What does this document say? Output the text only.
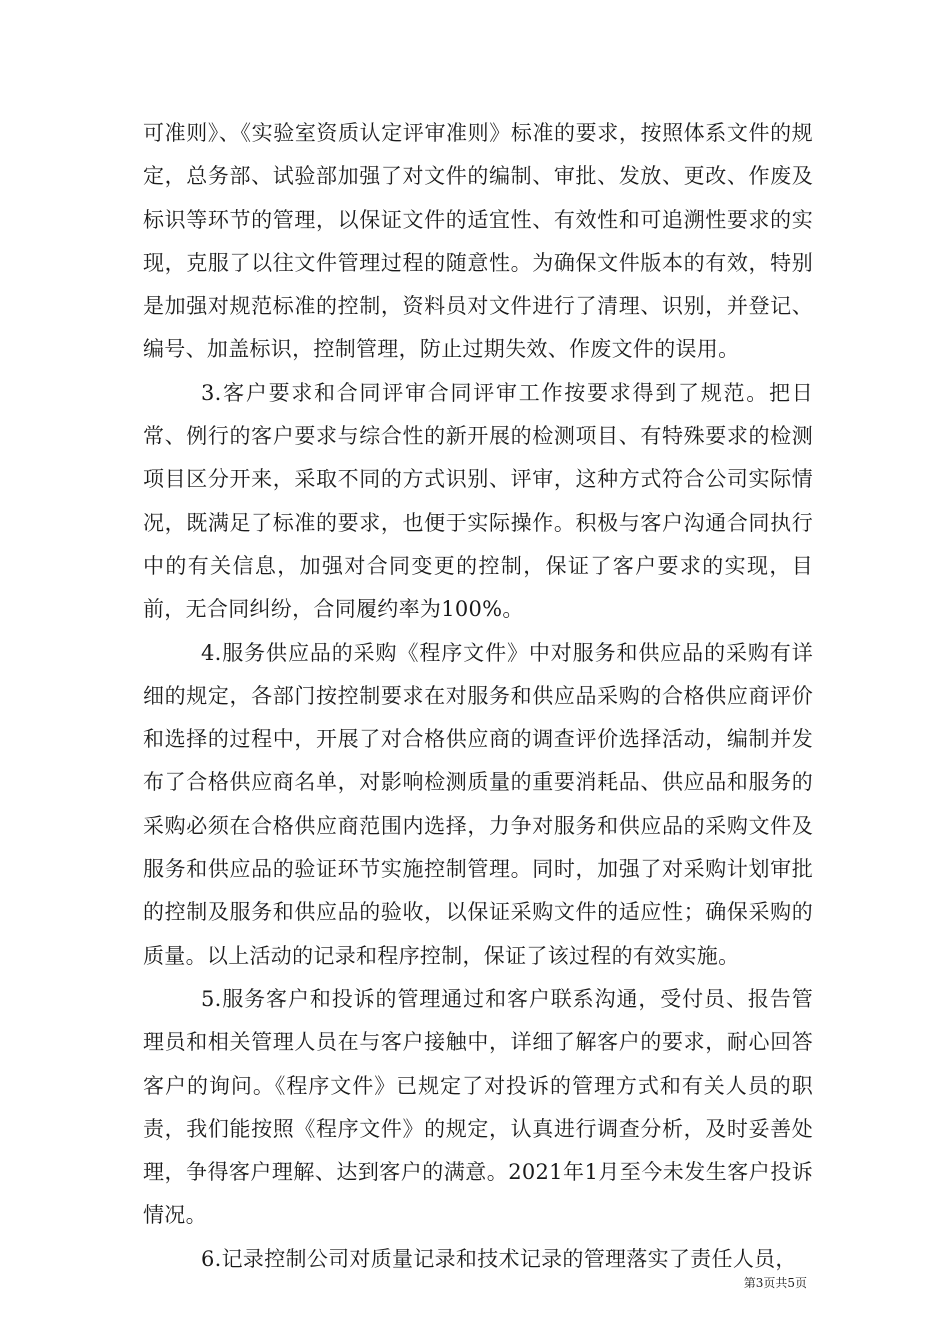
可准则》、《实验室资质认定评审准则》标准的要求，按照体系文件的规定，总务部、试验部加强了对文件的编制、审批、发放、更改、作废及标识等环节的管理，以保证文件的适宜性、有效性和可追溯性要求的实现，克服了以往文件管理过程的随意性。为确保文件版本的有效，特别是加强对规范标准的控制，资料员对文件进行了清理、识别，并登记、编号、加盖标识，控制管理，防止过期失效、作废文件的误用。

3.客户要求和合同评审合同评审工作按要求得到了规范。把日常、例行的客户要求与综合性的新开展的检测项目、有特殊要求的检测项目区分开来，采取不同的方式识别、评审，这种方式符合公司实际情况，既满足了标准的要求，也便于实际操作。积极与客户沟通合同执行中的有关信息，加强对合同变更的控制，保证了客户要求的实现，目前，无合同纠纷，合同履约率为100%。

4.服务供应品的采购《程序文件》中对服务和供应品的采购有详细的规定，各部门按控制要求在对服务和供应品采购的合格供应商评价和选择的过程中，开展了对合格供应商的调查评价选择活动，编制并发布了合格供应商名单，对影响检测质量的重要消耗品、供应品和服务的采购必须在合格供应商范围内选择，力争对服务和供应品的采购文件及服务和供应品的验证环节实施控制管理。同时，加强了对采购计划审批的控制及服务和供应品的验收，以保证采购文件的适应性；确保采购的质量。以上活动的记录和程序控制，保证了该过程的有效实施。

5.服务客户和投诉的管理通过和客户联系沟通，受付员、报告管理员和相关管理人员在与客户接触中，详细了解客户的要求，耐心回答客户的询问。《程序文件》已规定了对投诉的管理方式和有关人员的职责，我们能按照《程序文件》的规定，认真进行调查分析，及时妥善处理，争得客户理解、达到客户的满意。2021年1月至今未发生客户投诉情况。

6.记录控制公司对质量记录和技术记录的管理落实了责任人员，

第3页共5页
